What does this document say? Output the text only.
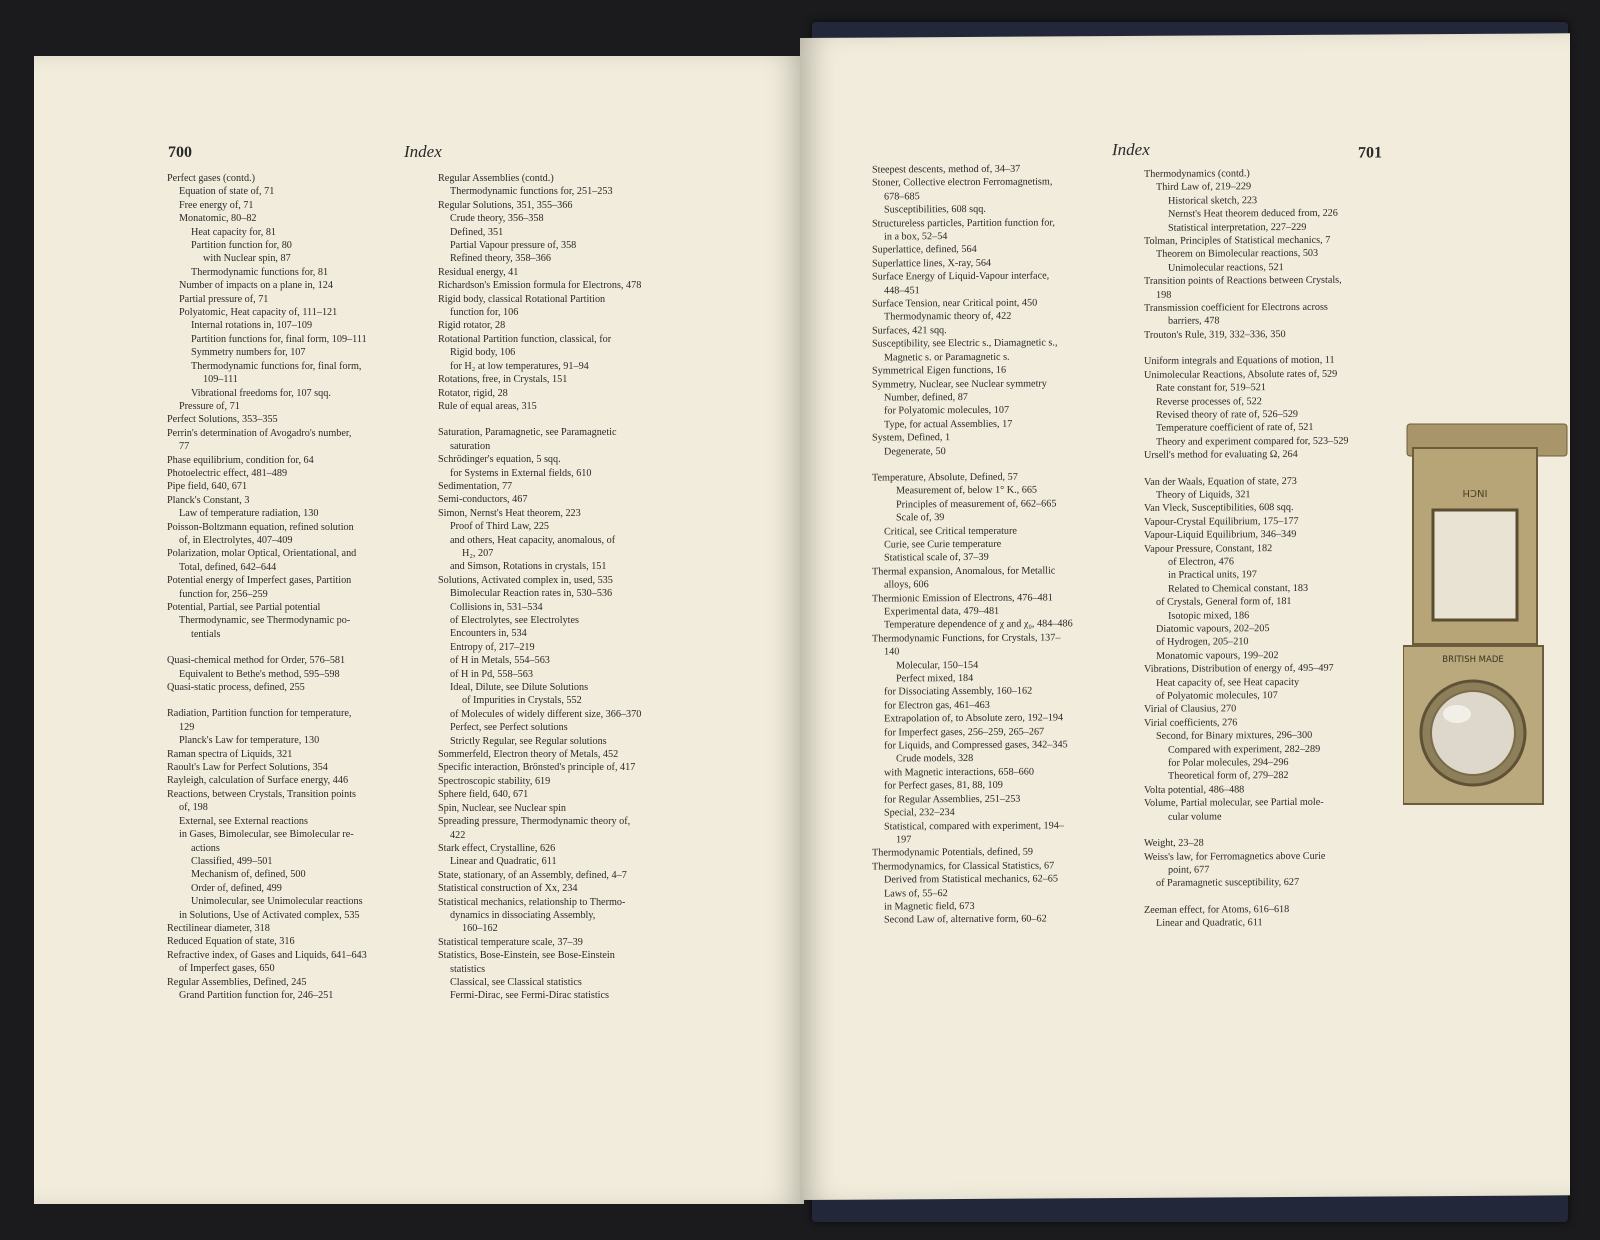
700	Index
Perfect gases (contd.)
Equation of state of, 71
Free energy of, 71
Monatomic, 80–82
Heat capacity for, 81
Partition function for, 80
with Nuclear spin, 87
Thermodynamic functions for, 81
Number of impacts on a plane in, 124
Partial pressure of, 71
Polyatomic, Heat capacity of, 111–121
Internal rotations in, 107–109
Partition functions for, final form, 109–111
Symmetry numbers for, 107
Thermodynamic functions for, final form,
109–111
Vibrational freedoms for, 107 sqq.
Pressure of, 71
Perfect Solutions, 353–355
Perrin's determination of Avogadro's number,
77
Phase equilibrium, condition for, 64
Photoelectric effect, 481–489
Pipe field, 640, 671
Planck's Constant, 3
Law of temperature radiation, 130
Poisson-Boltzmann equation, refined solution
of, in Electrolytes, 407–409
Polarization, molar Optical, Orientational, and
Total, defined, 642–644
Potential energy of Imperfect gases, Partition
function for, 256–259
Potential, Partial, see Partial potential
Thermodynamic, see Thermodynamic po-
tentials
Quasi-chemical method for Order, 576–581
Equivalent to Bethe's method, 595–598
Quasi-static process, defined, 255
Radiation, Partition function for temperature,
129
Planck's Law for temperature, 130
Raman spectra of Liquids, 321
Raoult's Law for Perfect Solutions, 354
Rayleigh, calculation of Surface energy, 446
Reactions, between Crystals, Transition points
of, 198
External, see External reactions
in Gases, Bimolecular, see Bimolecular re-
actions
Classified, 499–501
Mechanism of, defined, 500
Order of, defined, 499
Unimolecular, see Unimolecular reactions
in Solutions, Use of Activated complex, 535
Rectilinear diameter, 318
Reduced Equation of state, 316
Refractive index, of Gases and Liquids, 641–643
of Imperfect gases, 650
Regular Assemblies, Defined, 245
Grand Partition function for, 246–251
Regular Assemblies (contd.)
Thermodynamic functions for, 251–253
Regular Solutions, 351, 355–366
Crude theory, 356–358
Defined, 351
Partial Vapour pressure of, 358
Refined theory, 358–366
Residual energy, 41
Richardson's Emission formula for Electrons, 478
Rigid body, classical Rotational Partition
function for, 106
Rigid rotator, 28
Rotational Partition function, classical, for
Rigid body, 106
for H₂ at low temperatures, 91–94
Rotations, free, in Crystals, 151
Rotator, rigid, 28
Rule of equal areas, 315
Saturation, Paramagnetic, see Paramagnetic
saturation
Schrödinger's equation, 5 sqq.
for Systems in External fields, 610
Sedimentation, 77
Semi-conductors, 467
Simon, Nernst's Heat theorem, 223
Proof of Third Law, 225
and others, Heat capacity, anomalous, of
H₂, 207
and Simson, Rotations in crystals, 151
Solutions, Activated complex in, used, 535
Bimolecular Reaction rates in, 530–536
Collisions in, 531–534
of Electrolytes, see Electrolytes
Encounters in, 534
Entropy of, 217–219
of H in Metals, 554–563
of H in Pd, 558–563
Ideal, Dilute, see Dilute Solutions
of Impurities in Crystals, 552
of Molecules of widely different size, 366–370
Perfect, see Perfect solutions
Strictly Regular, see Regular solutions
Sommerfeld, Electron theory of Metals, 452
Specific interaction, Brönsted's principle of, 417
Spectroscopic stability, 619
Sphere field, 640, 671
Spin, Nuclear, see Nuclear spin
Spreading pressure, Thermodynamic theory of,
422
Stark effect, Crystalline, 626
Linear and Quadratic, 611
State, stationary, of an Assembly, defined, 4–7
Statistical construction of Xx, 234
Statistical mechanics, relationship to Thermo-
dynamics in dissociating Assembly,
160–162
Statistical temperature scale, 37–39
Statistics, Bose-Einstein, see Bose-Einstein
statistics
Classical, see Classical statistics
Fermi-Dirac, see Fermi-Dirac statistics
Index	701
Steepest descents, method of, 34–37
Stoner, Collective electron Ferromagnetism,
678–685
Susceptibilities, 608 sqq.
Structureless particles, Partition function for,
in a box, 52–54
Superlattice, defined, 564
Superlattice lines, X-ray, 564
Surface Energy of Liquid-Vapour interface,
448–451
Surface Tension, near Critical point, 450
Thermodynamic theory of, 422
Surfaces, 421 sqq.
Susceptibility, see Electric s., Diamagnetic s.,
Magnetic s. or Paramagnetic s.
Symmetrical Eigen functions, 16
Symmetry, Nuclear, see Nuclear symmetry
Number, defined, 87
for Polyatomic molecules, 107
Type, for actual Assemblies, 17
System, Defined, 1
Degenerate, 50
Temperature, Absolute, Defined, 57
Measurement of, below 1° K., 665
Principles of measurement of, 662–665
Scale of, 39
Critical, see Critical temperature
Curie, see Curie temperature
Statistical scale of, 37–39
Thermal expansion, Anomalous, for Metallic
alloys, 606
Thermionic Emission of Electrons, 476–481
Experimental data, 479–481
Temperature dependence of χ and χ₀, 484–486
Thermodynamic Functions, for Crystals, 137–
140
Molecular, 150–154
Perfect mixed, 184
for Dissociating Assembly, 160–162
for Electron gas, 461–463
Extrapolation of, to Absolute zero, 192–194
for Imperfect gases, 256–259, 265–267
for Liquids, and Compressed gases, 342–345
Crude models, 328
with Magnetic interactions, 658–660
for Perfect gases, 81, 88, 109
for Regular Assemblies, 251–253
Special, 232–234
Statistical, compared with experiment, 194–
197
Thermodynamic Potentials, defined, 59
Thermodynamics, for Classical Statistics, 67
Derived from Statistical mechanics, 62–65
Laws of, 55–62
in Magnetic field, 673
Second Law of, alternative form, 60–62
Thermodynamics (contd.)
Third Law of, 219–229
Historical sketch, 223
Nernst's Heat theorem deduced from, 226
Statistical interpretation, 227–229
Tolman, Principles of Statistical mechanics, 7
Theorem on Bimolecular reactions, 503
Unimolecular reactions, 521
Transition points of Reactions between Crystals,
198
Transmission coefficient for Electrons across
barriers, 478
Trouton's Rule, 319, 332–336, 350
Uniform integrals and Equations of motion, 11
Unimolecular Reactions, Absolute rates of, 529
Rate constant for, 519–521
Reverse processes of, 522
Revised theory of rate of, 526–529
Temperature coefficient of rate of, 521
Theory and experiment compared for, 523–529
Ursell's method for evaluating Ω, 264
Van der Waals, Equation of state, 273
Theory of Liquids, 321
Van Vleck, Susceptibilities, 608 sqq.
Vapour-Crystal Equilibrium, 175–177
Vapour-Liquid Equilibrium, 346–349
Vapour Pressure, Constant, 182
of Electron, 476
in Practical units, 197
Related to Chemical constant, 183
of Crystals, General form of, 181
Isotopic mixed, 186
Diatomic vapours, 202–205
of Hydrogen, 205–210
Monatomic vapours, 199–202
Vibrations, Distribution of energy of, 495–497
Heat capacity of, see Heat capacity
of Polyatomic molecules, 107
Virial of Clausius, 270
Virial coefficients, 276
Second, for Binary mixtures, 296–300
Compared with experiment, 282–289
for Polar molecules, 294–296
Theoretical form of, 279–282
Volta potential, 486–488
Volume, Partial molecular, see Partial mole-
cular volume
Weight, 23–28
Weiss's law, for Ferromagnetics above Curie
point, 677
of Paramagnetic susceptibility, 627
Zeeman effect, for Atoms, 616–618
Linear and Quadratic, 611
INCH
BRITISH MADE
